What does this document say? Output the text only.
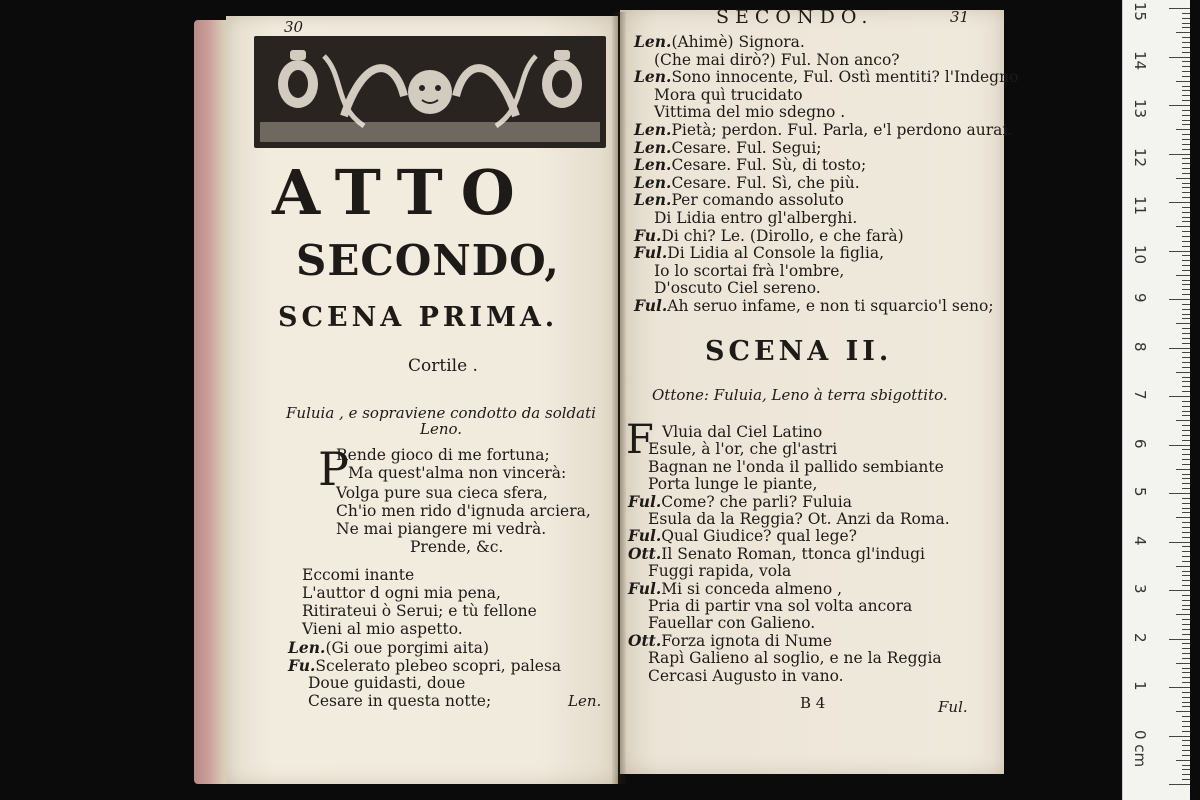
30
ATTO
SECONDO,
SCENA PRIMA.
Cortile .
Fuluia , e sopraviene condotto da soldati
Leno.
P
Rende gioco di me fortuna;
Ma quest'alma non vincerà:
Volga pure sua cieca sfera,
Ch'io men rido d'ignuda arciera,
Ne mai piangere mi vedrà.
Prende, &c.
Eccomi inante
L'auttor d ogni mia pena,
Ritirateui ò Serui; e tù fellone
Vieni al mio aspetto.
Len.(Gi oue porgimi aita)
Fu.Scelerato plebeo scopri, palesa
Doue guidasti, doue
Cesare in questa notte;	Len.
SECONDO.	31
SCENA II.
Ottone: Fuluia, Leno à terra sbigottito.
F
B 4	Ful.
15
14
13
12
11
10
9
8
7
6
5
4
3
2
1
0 cm
Len.(Ahimè) Signora.
(Che mai dirò?) Ful. Non anco?
Len.Sono innocente, Ful. Ostì mentiti? l'Indegno
Mora quì trucidato
Vittima del mio sdegno .
Len.Pietà; perdon. Ful. Parla, e'l perdono aurai.
Len.Cesare. Ful. Segui;
Len.Cesare. Ful. Sù, di tosto;
Len.Cesare. Ful. Sì, che più.
Len.Per comando assoluto
Di Lidia entro gl'alberghi.
Fu.Di chi? Le. (Dirollo, e che farà)
Ful.Di Lidia al Console la figlia,
Io lo scortai frà l'ombre,
D'oscuto Ciel sereno.
Ful.Ah seruo infame, e non ti squarcio'l seno;
Vluia dal Ciel Latino
Esule, à l'or, che gl'astri
Bagnan ne l'onda il pallido sembiante
Porta lunge le piante,
Ful.Come? che parli? Fuluia
Esula da la Reggia? Ot. Anzi da Roma.
Ful.Qual Giudice? qual lege?
Ott.Il Senato Roman, ttonca gl'indugi
Fuggi rapida, vola
Ful.Mi si conceda almeno ,
Pria di partir vna sol volta ancora
Fauellar con Galieno.
Ott.Forza ignota di Nume
Rapì Galieno al soglio, e ne la Reggia
Cercasi Augusto in vano.
